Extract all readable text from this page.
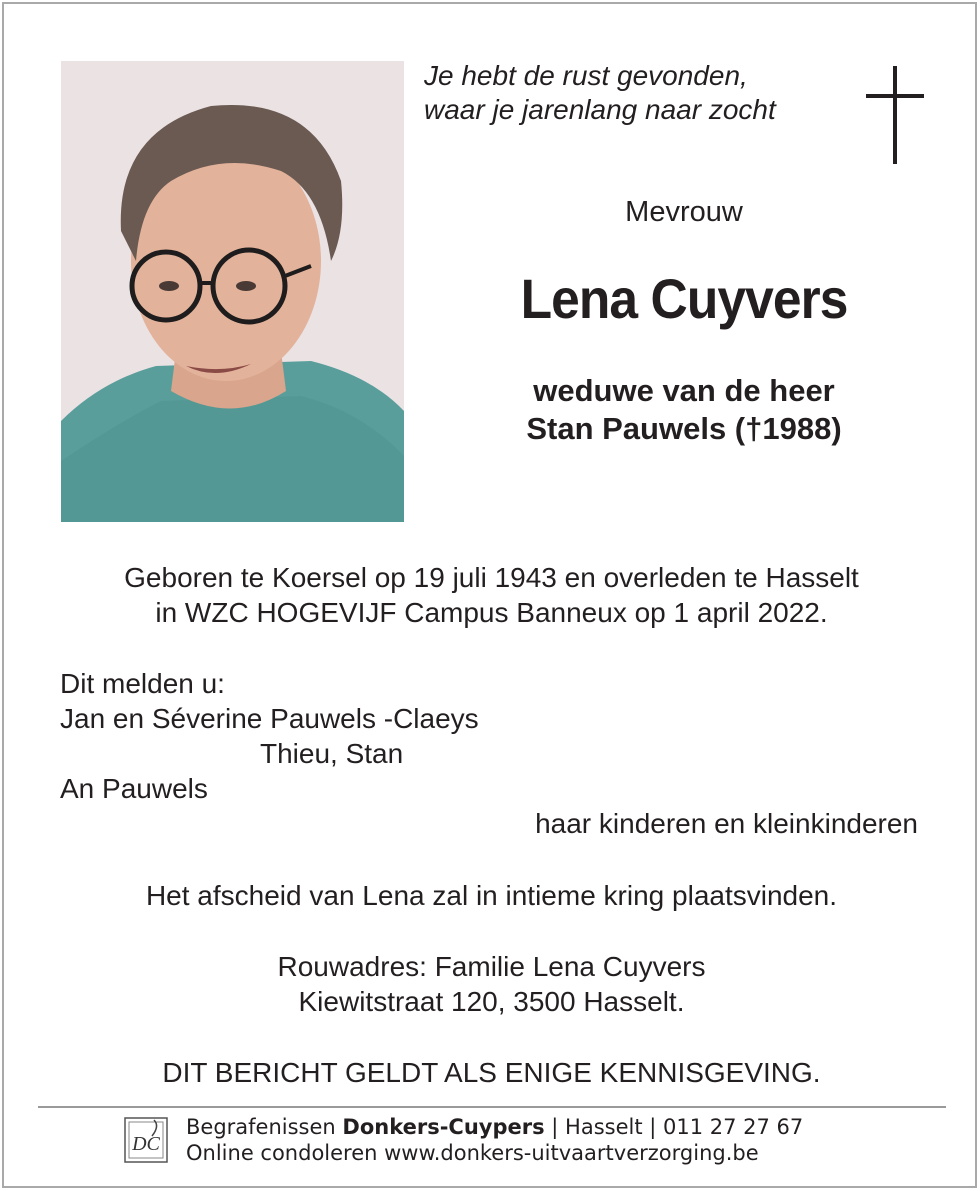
Je hebt de rust gevonden,
waar je jarenlang naar zocht
Mevrouw
Lena Cuyvers
weduwe van de heer
Stan Pauwels (†1988)
Geboren te Koersel op 19 juli 1943 en overleden te Hasselt
in WZC HOGEVIJF Campus Banneux op 1 april 2022.
Dit melden u:
Jan en Séverine Pauwels -Claeys
Thieu, Stan
An Pauwels
haar kinderen en kleinkinderen
Het afscheid van Lena zal in intieme kring plaatsvinden.
Rouwadres: Familie Lena Cuyvers
Kiewitstraat 120, 3500 Hasselt.
DIT BERICHT GELDT ALS ENIGE KENNISGEVING.
DC
Begrafenissen Donkers-Cuypers | Hasselt | 011 27 27 67
Online condoleren www.donkers-uitvaartverzorging.be
